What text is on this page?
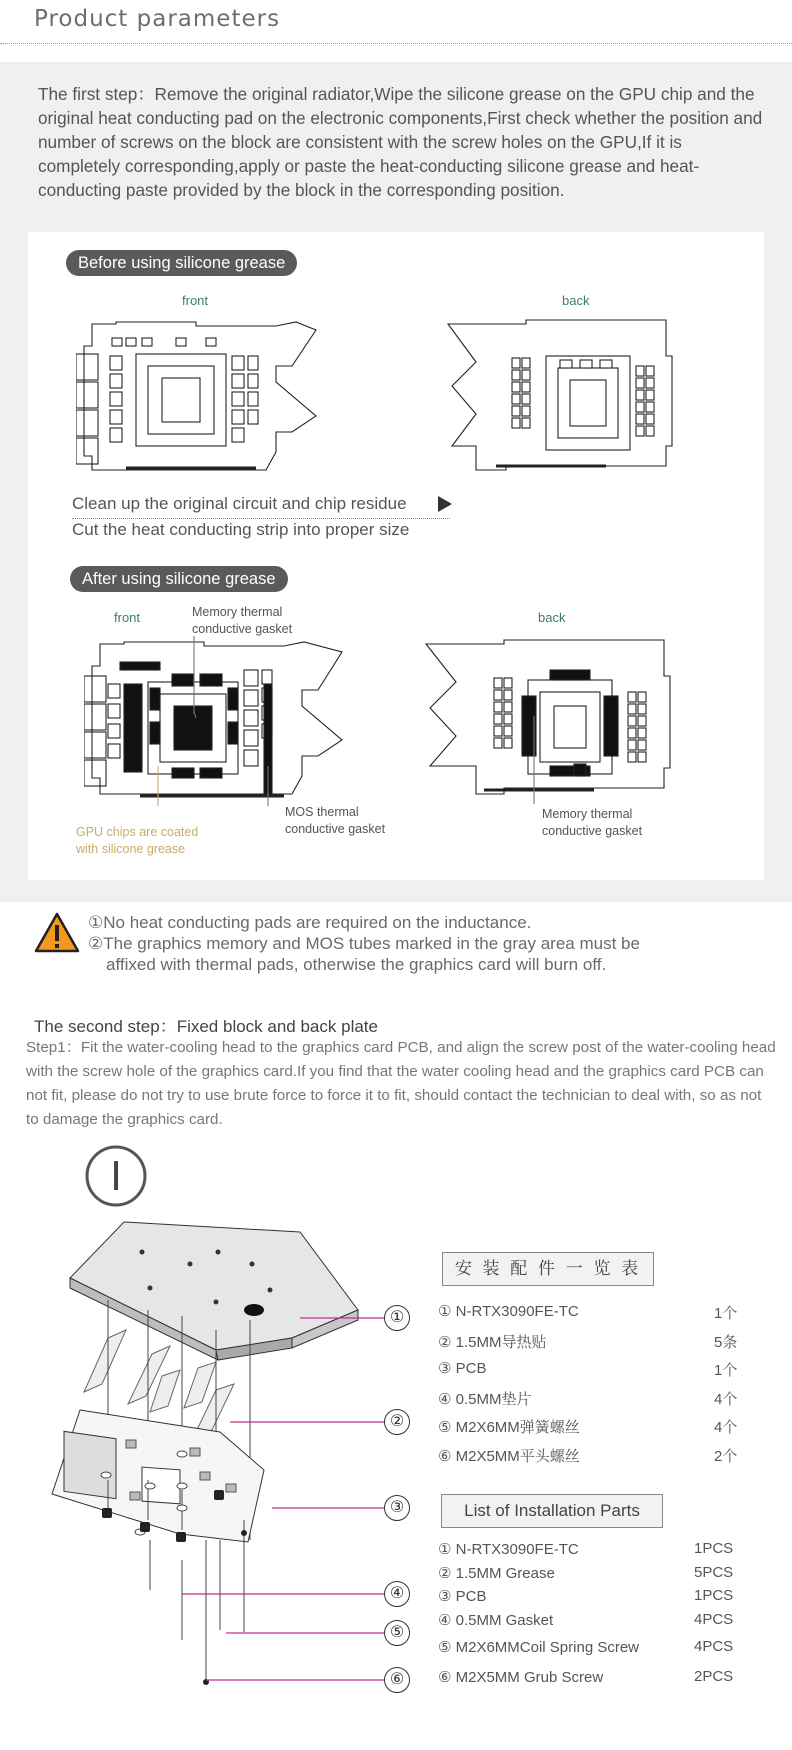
Product parameters
The first step：Remove the original radiator,Wipe the silicone grease on the GPU chip and the original heat conducting pad on the electronic components,First check whether the position and number of screws on the block are consistent with the screw holes on the GPU,If it is completely corresponding,apply or paste the heat-conducting silicone grease and heat-conducting paste provided by the block in the corresponding position.
Before using silicone grease
front	back
Clean up the original circuit and chip residue
Cut the heat conducting strip into proper size
After using silicone grease
front	back
Memory thermal
conductive gasket
GPU chips are coated
with silicone grease
MOS thermal
conductive gasket
Memory thermal
conductive gasket
①No heat conducting pads are required on the inductance.
②The graphics memory and MOS tubes marked in the gray area must be
affixed with thermal pads, otherwise the graphics card will burn off.
The second step：Fixed block and back plate
Step1：Fit the water-cooling head to the graphics card PCB, and align the screw post of the water-cooling head with the screw hole of the graphics card.If you find that the water cooling head and the graphics card PCB can not fit, please do not try to use brute force to force it to fit, should contact the technician to deal with, so as not to damage the graphics card.
Ⅰ
①
②
③
④
⑤
⑥
安 装 配 件 一 览 表
① N-RTX3090FE-TC	1个
② 1.5MM导热贴	5条
③ PCB	1个
④ 0.5MM垫片	4个
⑤ M2X6MM弹簧螺丝	4个
⑥ M2X5MM平头螺丝	2个
List of Installation Parts
① N-RTX3090FE-TC	1PCS
② 1.5MM Grease	5PCS
③ PCB	1PCS
④ 0.5MM Gasket	4PCS
⑤ M2X6MMCoil Spring Screw	4PCS
⑥ M2X5MM Grub Screw	2PCS
